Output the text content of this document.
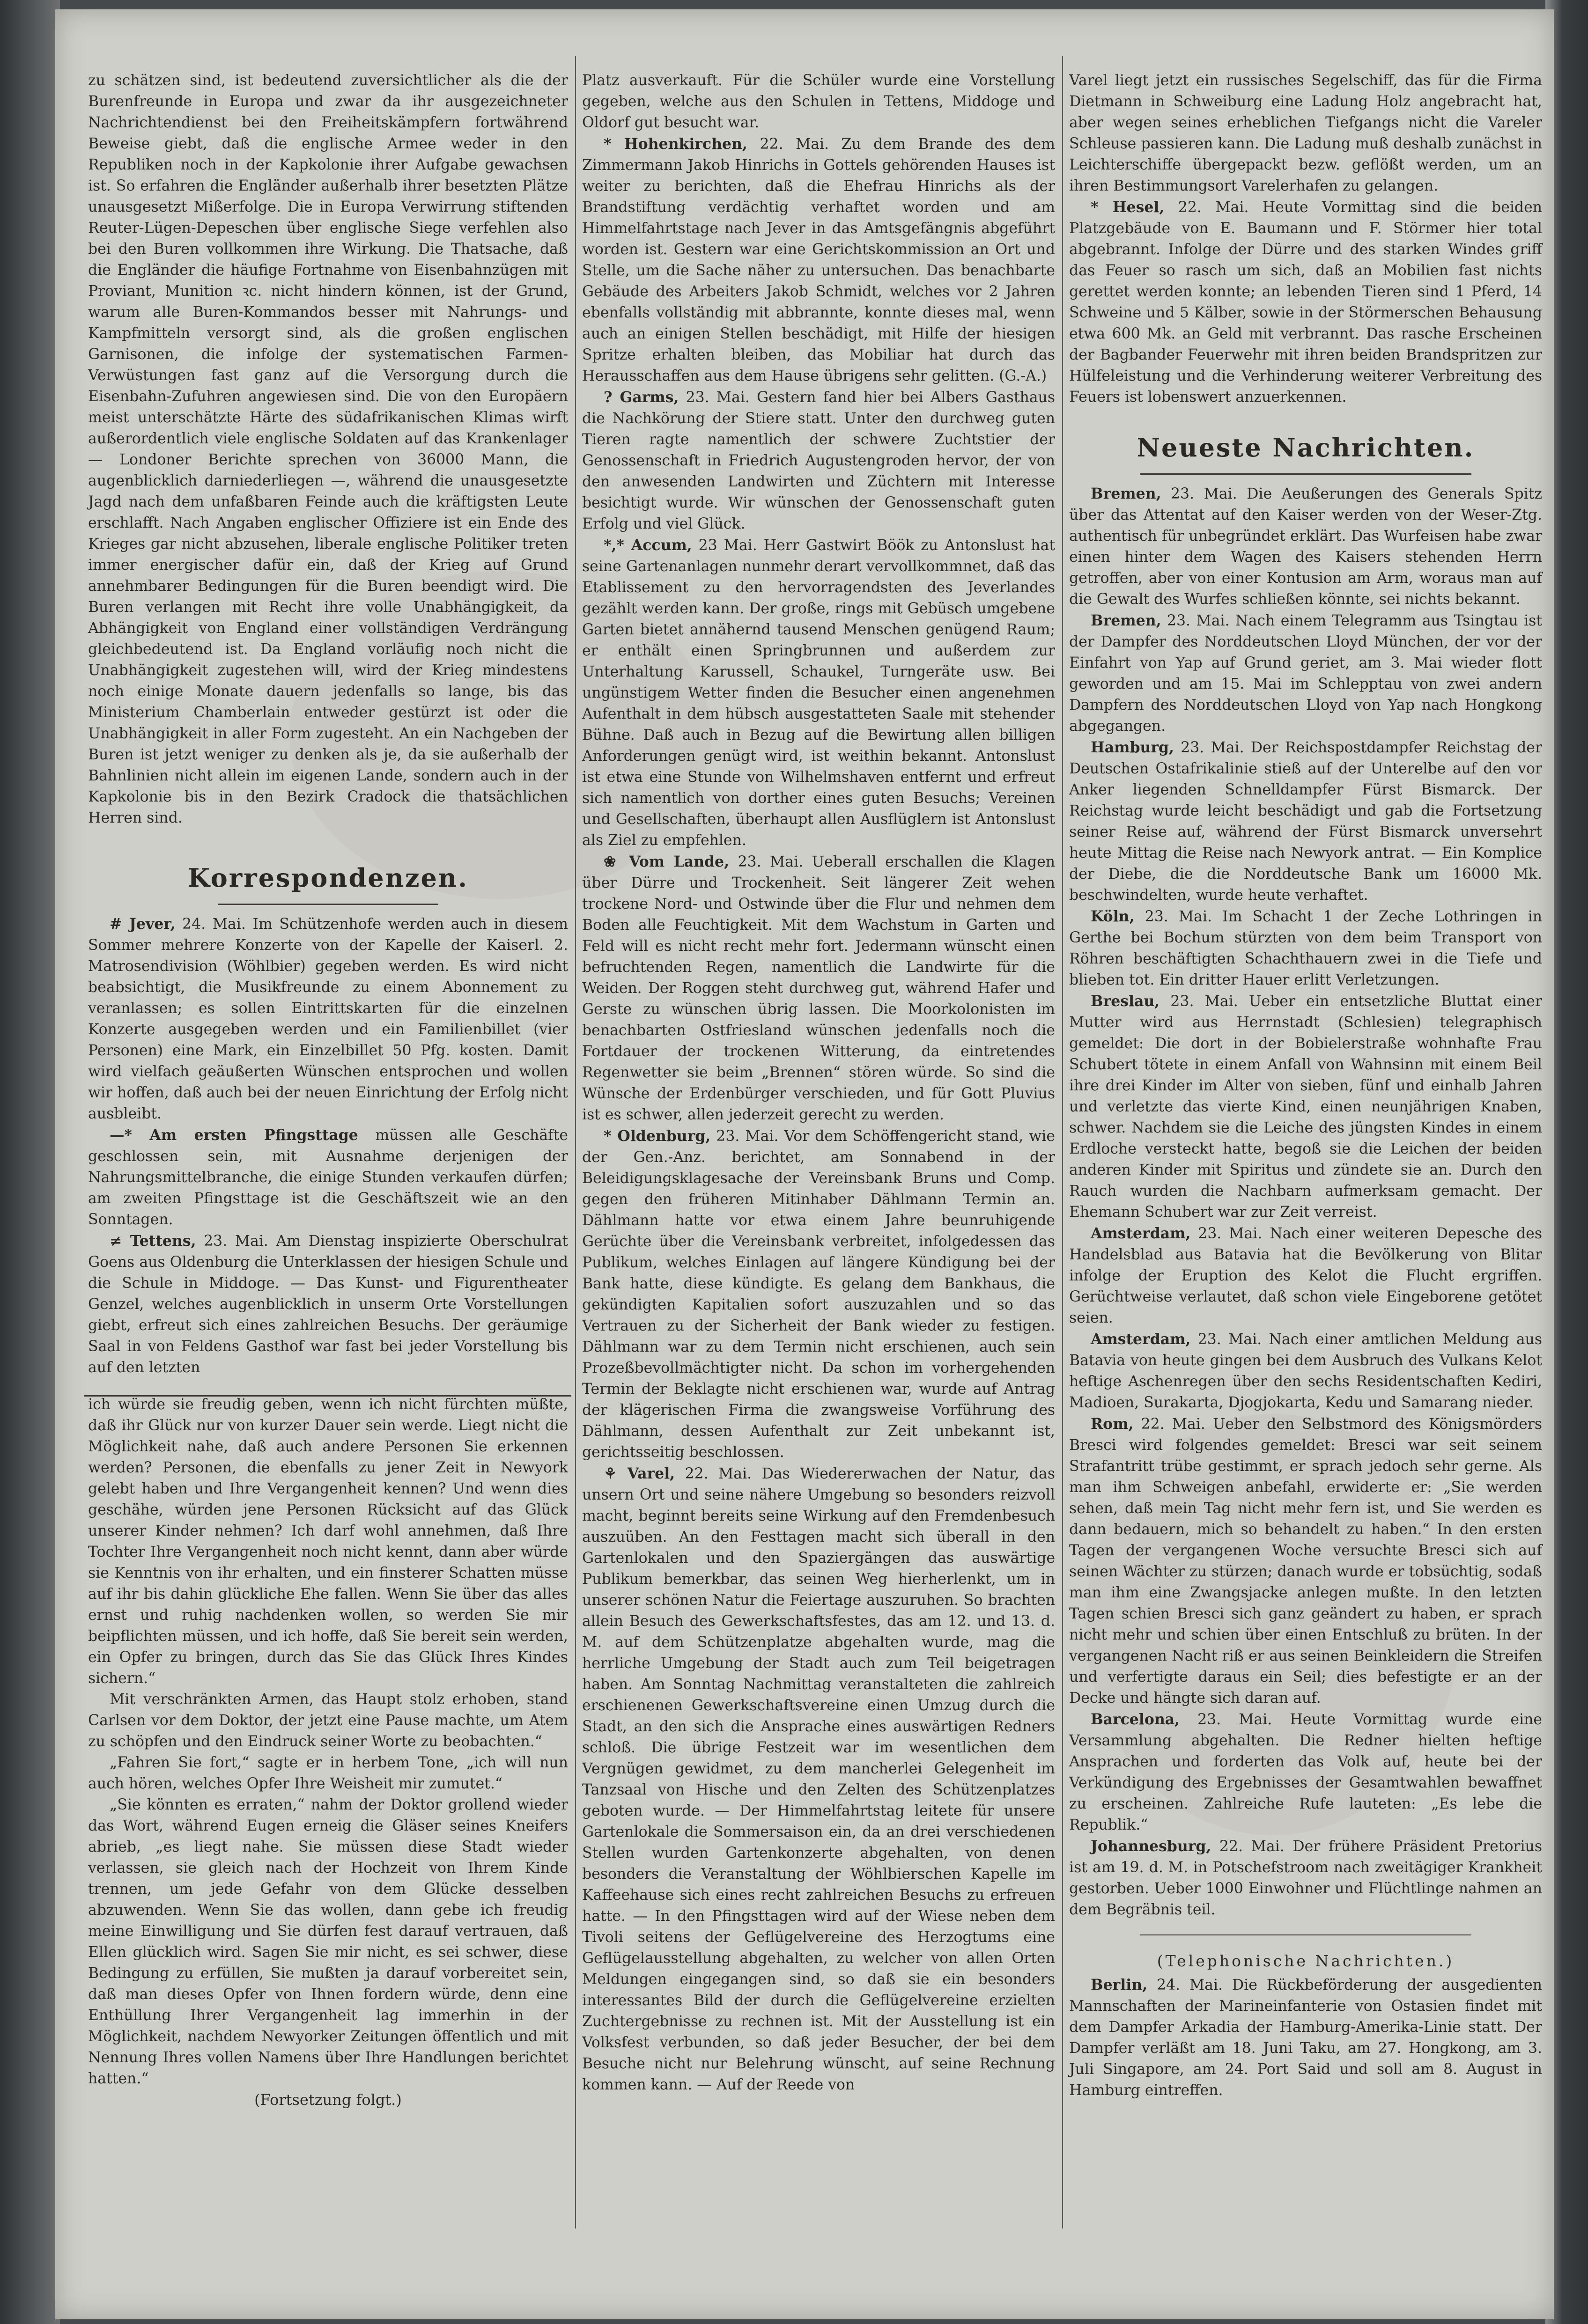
zu schätzen sind, ist bedeutend zuversichtlicher als die der Burenfreunde in Europa und zwar da ihr ausgezeichneter Nachrichtendienst bei den Freiheitskämpfern fortwährend Beweise giebt, daß die englische Armee weder in den Republiken noch in der Kapkolonie ihrer Aufgabe gewachsen ist. So erfahren die Engländer außerhalb ihrer besetzten Plätze unausgesetzt Mißerfolge. Die in Europa Verwirrung stiftenden Reuter-Lügen-Depeschen über englische Siege verfehlen also bei den Buren vollkommen ihre Wirkung. Die Thatsache, daß die Engländer die häufige Fortnahme von Eisenbahnzügen mit Proviant, Munition ꝛc. nicht hindern können, ist der Grund, warum alle Buren-Kommandos besser mit Nahrungs- und Kampfmitteln versorgt sind, als die großen englischen Garnisonen, die infolge der systematischen Farmen-Verwüstungen fast ganz auf die Versorgung durch die Eisenbahn-Zufuhren angewiesen sind. Die von den Europäern meist unterschätzte Härte des südafrikanischen Klimas wirft außerordentlich viele englische Soldaten auf das Krankenlager — Londoner Berichte sprechen von 36000 Mann, die augenblicklich darniederliegen —, während die unausgesetzte Jagd nach dem unfaßbaren Feinde auch die kräftigsten Leute erschlafft. Nach Angaben englischer Offiziere ist ein Ende des Krieges gar nicht abzusehen, liberale englische Politiker treten immer energischer dafür ein, daß der Krieg auf Grund annehmbarer Bedingungen für die Buren beendigt wird. Die Buren verlangen mit Recht ihre volle Unabhängigkeit, da Abhängigkeit von England einer vollständigen Verdrängung gleichbedeutend ist. Da England vorläufig noch nicht die Unabhängigkeit zugestehen will, wird der Krieg mindestens noch einige Monate dauern jedenfalls so lange, bis das Ministerium Chamberlain entweder gestürzt ist oder die Unabhängigkeit in aller Form zugesteht. An ein Nachgeben der Buren ist jetzt weniger zu denken als je, da sie außerhalb der Bahnlinien nicht allein im eigenen Lande, sondern auch in der Kapkolonie bis in den Bezirk Cradock die thatsächlichen Herren sind.

Korrespondenzen.

# Jever, 24. Mai. Im Schützenhofe werden auch in diesem Sommer mehrere Konzerte von der Kapelle der Kaiserl. 2. Matrosendivision (Wöhlbier) gegeben werden. Es wird nicht beabsichtigt, die Musikfreunde zu einem Abonnement zu veranlassen; es sollen Eintrittskarten für die einzelnen Konzerte ausgegeben werden und ein Familienbillet (vier Personen) eine Mark, ein Einzelbillet 50 Pfg. kosten. Damit wird vielfach geäußerten Wünschen entsprochen und wollen wir hoffen, daß auch bei der neuen Einrichtung der Erfolg nicht ausbleibt.

—* Am ersten Pfingsttage müssen alle Geschäfte geschlossen sein, mit Ausnahme derjenigen der Nahrungsmittelbranche, die einige Stunden verkaufen dürfen; am zweiten Pfingsttage ist die Geschäftszeit wie an den Sonntagen.

≠ Tettens, 23. Mai. Am Dienstag inspizierte Oberschulrat Goens aus Oldenburg die Unterklassen der hiesigen Schule und die Schule in Middoge. — Das Kunst- und Figurentheater Genzel, welches augenblicklich in unserm Orte Vorstellungen giebt, erfreut sich eines zahlreichen Besuchs. Der geräumige Saal in von Feldens Gasthof war fast bei jeder Vorstellung bis auf den letzten

ich würde sie freudig geben, wenn ich nicht fürchten müßte, daß ihr Glück nur von kurzer Dauer sein werde. Liegt nicht die Möglichkeit nahe, daß auch andere Personen Sie erkennen werden? Personen, die ebenfalls zu jener Zeit in Newyork gelebt haben und Ihre Vergangenheit kennen? Und wenn dies geschähe, würden jene Personen Rücksicht auf das Glück unserer Kinder nehmen? Ich darf wohl annehmen, daß Ihre Tochter Ihre Vergangenheit noch nicht kennt, dann aber würde sie Kenntnis von ihr erhalten, und ein finsterer Schatten müsse auf ihr bis dahin glückliche Ehe fallen. Wenn Sie über das alles ernst und ruhig nachdenken wollen, so werden Sie mir beipflichten müssen, und ich hoffe, daß Sie bereit sein werden, ein Opfer zu bringen, durch das Sie das Glück Ihres Kindes sichern.“

Mit verschränkten Armen, das Haupt stolz erhoben, stand Carlsen vor dem Doktor, der jetzt eine Pause machte, um Atem zu schöpfen und den Eindruck seiner Worte zu beobachten.“

„Fahren Sie fort,“ sagte er in herbem Tone, „ich will nun auch hören, welches Opfer Ihre Weisheit mir zumutet.“

„Sie könnten es erraten,“ nahm der Doktor grollend wieder das Wort, während Eugen erneig die Gläser seines Kneifers abrieb, „es liegt nahe. Sie müssen diese Stadt wieder verlassen, sie gleich nach der Hochzeit von Ihrem Kinde trennen, um jede Gefahr von dem Glücke desselben abzuwenden. Wenn Sie das wollen, dann gebe ich freudig meine Einwilligung und Sie dürfen fest darauf vertrauen, daß Ellen glücklich wird. Sagen Sie mir nicht, es sei schwer, diese Bedingung zu erfüllen, Sie mußten ja darauf vorbereitet sein, daß man dieses Opfer von Ihnen fordern würde, denn eine Enthüllung Ihrer Vergangenheit lag immerhin in der Möglichkeit, nachdem Newyorker Zeitungen öffentlich und mit Nennung Ihres vollen Namens über Ihre Handlungen berichtet hatten.“

(Fortsetzung folgt.)

Platz ausverkauft. Für die Schüler wurde eine Vorstellung gegeben, welche aus den Schulen in Tettens, Middoge und Oldorf gut besucht war.

* Hohenkirchen, 22. Mai. Zu dem Brande des dem Zimmermann Jakob Hinrichs in Gottels gehörenden Hauses ist weiter zu berichten, daß die Ehefrau Hinrichs als der Brandstiftung verdächtig verhaftet worden und am Himmelfahrtstage nach Jever in das Amtsgefängnis abgeführt worden ist. Gestern war eine Gerichtskommission an Ort und Stelle, um die Sache näher zu untersuchen. Das benachbarte Gebäude des Arbeiters Jakob Schmidt, welches vor 2 Jahren ebenfalls vollständig mit abbrannte, konnte dieses mal, wenn auch an einigen Stellen beschädigt, mit Hilfe der hiesigen Spritze erhalten bleiben, das Mobiliar hat durch das Herausschaffen aus dem Hause übrigens sehr gelitten. (G.-A.)

? Garms, 23. Mai. Gestern fand hier bei Albers Gasthaus die Nachkörung der Stiere statt. Unter den durchweg guten Tieren ragte namentlich der schwere Zuchtstier der Genossenschaft in Friedrich Augustengroden hervor, der von den anwesenden Landwirten und Züchtern mit Interesse besichtigt wurde. Wir wünschen der Genossenschaft guten Erfolg und viel Glück.

*,* Accum, 23 Mai. Herr Gastwirt Böök zu Antonslust hat seine Gartenanlagen nunmehr derart vervollkommnet, daß das Etablissement zu den hervorragendsten des Jeverlandes gezählt werden kann. Der große, rings mit Gebüsch umgebene Garten bietet annähernd tausend Menschen genügend Raum; er enthält einen Springbrunnen und außerdem zur Unterhaltung Karussell, Schaukel, Turngeräte usw. Bei ungünstigem Wetter finden die Besucher einen angenehmen Aufenthalt in dem hübsch ausgestatteten Saale mit stehender Bühne. Daß auch in Bezug auf die Bewirtung allen billigen Anforderungen genügt wird, ist weithin bekannt. Antonslust ist etwa eine Stunde von Wilhelmshaven entfernt und erfreut sich namentlich von dorther eines guten Besuchs; Vereinen und Gesellschaften, überhaupt allen Ausflüglern ist Antonslust als Ziel zu empfehlen.

❀ Vom Lande, 23. Mai. Ueberall erschallen die Klagen über Dürre und Trockenheit. Seit längerer Zeit wehen trockene Nord- und Ostwinde über die Flur und nehmen dem Boden alle Feuchtigkeit. Mit dem Wachstum in Garten und Feld will es nicht recht mehr fort. Jedermann wünscht einen befruchtenden Regen, namentlich die Landwirte für die Weiden. Der Roggen steht durchweg gut, während Hafer und Gerste zu wünschen übrig lassen. Die Moorkolonisten im benachbarten Ostfriesland wünschen jedenfalls noch die Fortdauer der trockenen Witterung, da eintretendes Regenwetter sie beim „Brennen“ stören würde. So sind die Wünsche der Erdenbürger verschieden, und für Gott Pluvius ist es schwer, allen jederzeit gerecht zu werden.

* Oldenburg, 23. Mai. Vor dem Schöffengericht stand, wie der Gen.-Anz. berichtet, am Sonnabend in der Beleidigungsklagesache der Vereinsbank Bruns und Comp. gegen den früheren Mitinhaber Dählmann Termin an. Dählmann hatte vor etwa einem Jahre beunruhigende Gerüchte über die Vereinsbank verbreitet, infolgedessen das Publikum, welches Einlagen auf längere Kündigung bei der Bank hatte, diese kündigte. Es gelang dem Bankhaus, die gekündigten Kapitalien sofort auszuzahlen und so das Vertrauen zu der Sicherheit der Bank wieder zu festigen. Dählmann war zu dem Termin nicht erschienen, auch sein Prozeßbevollmächtigter nicht. Da schon im vorhergehenden Termin der Beklagte nicht erschienen war, wurde auf Antrag der klägerischen Firma die zwangsweise Vorführung des Dählmann, dessen Aufenthalt zur Zeit unbekannt ist, gerichtsseitig beschlossen.

⚘ Varel, 22. Mai. Das Wiedererwachen der Natur, das unsern Ort und seine nähere Umgebung so besonders reizvoll macht, beginnt bereits seine Wirkung auf den Fremdenbesuch auszuüben. An den Festtagen macht sich überall in den Gartenlokalen und den Spaziergängen das auswärtige Publikum bemerkbar, das seinen Weg hierherlenkt, um in unserer schönen Natur die Feiertage auszuruhen. So brachten allein Besuch des Gewerkschaftsfestes, das am 12. und 13. d. M. auf dem Schützenplatze abgehalten wurde, mag die herrliche Umgebung der Stadt auch zum Teil beigetragen haben. Am Sonntag Nachmittag veranstalteten die zahlreich erschienenen Gewerkschaftsvereine einen Umzug durch die Stadt, an den sich die Ansprache eines auswärtigen Redners schloß. Die übrige Festzeit war im wesentlichen dem Vergnügen gewidmet, zu dem mancherlei Gelegenheit im Tanzsaal von Hische und den Zelten des Schützenplatzes geboten wurde. — Der Himmelfahrtstag leitete für unsere Gartenlokale die Sommersaison ein, da an drei verschiedenen Stellen wurden Gartenkonzerte abgehalten, von denen besonders die Veranstaltung der Wöhlbierschen Kapelle im Kaffeehause sich eines recht zahlreichen Besuchs zu erfreuen hatte. — In den Pfingsttagen wird auf der Wiese neben dem Tivoli seitens der Geflügelvereine des Herzogtums eine Geflügelausstellung abgehalten, zu welcher von allen Orten Meldungen eingegangen sind, so daß sie ein besonders interessantes Bild der durch die Geflügelvereine erzielten Zuchtergebnisse zu rechnen ist. Mit der Ausstellung ist ein Volksfest verbunden, so daß jeder Besucher, der bei dem Besuche nicht nur Belehrung wünscht, auf seine Rechnung kommen kann. — Auf der Reede von

Varel liegt jetzt ein russisches Segelschiff, das für die Firma Dietmann in Schweiburg eine Ladung Holz angebracht hat, aber wegen seines erheblichen Tiefgangs nicht die Vareler Schleuse passieren kann. Die Ladung muß deshalb zunächst in Leichterschiffe übergepackt bezw. geflößt werden, um an ihren Bestimmungsort Varelerhafen zu gelangen.

* Hesel, 22. Mai. Heute Vormittag sind die beiden Platzgebäude von E. Baumann und F. Störmer hier total abgebrannt. Infolge der Dürre und des starken Windes griff das Feuer so rasch um sich, daß an Mobilien fast nichts gerettet werden konnte; an lebenden Tieren sind 1 Pferd, 14 Schweine und 5 Kälber, sowie in der Störmerschen Behausung etwa 600 Mk. an Geld mit verbrannt. Das rasche Erscheinen der Bagbander Feuerwehr mit ihren beiden Brandspritzen zur Hülfeleistung und die Verhinderung weiterer Verbreitung des Feuers ist lobenswert anzuerkennen.

Neueste Nachrichten.

Bremen, 23. Mai. Die Aeußerungen des Generals Spitz über das Attentat auf den Kaiser werden von der Weser-Ztg. authentisch für unbegründet erklärt. Das Wurfeisen habe zwar einen hinter dem Wagen des Kaisers stehenden Herrn getroffen, aber von einer Kontusion am Arm, woraus man auf die Gewalt des Wurfes schließen könnte, sei nichts bekannt.

Bremen, 23. Mai. Nach einem Telegramm aus Tsingtau ist der Dampfer des Norddeutschen Lloyd München, der vor der Einfahrt von Yap auf Grund geriet, am 3. Mai wieder flott geworden und am 15. Mai im Schlepptau von zwei andern Dampfern des Norddeutschen Lloyd von Yap nach Hongkong abgegangen.

Hamburg, 23. Mai. Der Reichspostdampfer Reichstag der Deutschen Ostafrikalinie stieß auf der Unterelbe auf den vor Anker liegenden Schnelldampfer Fürst Bismarck. Der Reichstag wurde leicht beschädigt und gab die Fortsetzung seiner Reise auf, während der Fürst Bismarck unversehrt heute Mittag die Reise nach Newyork antrat. — Ein Komplice der Diebe, die die Norddeutsche Bank um 16000 Mk. beschwindelten, wurde heute verhaftet.

Köln, 23. Mai. Im Schacht 1 der Zeche Lothringen in Gerthe bei Bochum stürzten von dem beim Transport von Röhren beschäftigten Schachthauern zwei in die Tiefe und blieben tot. Ein dritter Hauer erlitt Verletzungen.

Breslau, 23. Mai. Ueber ein entsetzliche Bluttat einer Mutter wird aus Herrnstadt (Schlesien) telegraphisch gemeldet: Die dort in der Bobielerstraße wohnhafte Frau Schubert tötete in einem Anfall von Wahnsinn mit einem Beil ihre drei Kinder im Alter von sieben, fünf und einhalb Jahren und verletzte das vierte Kind, einen neunjährigen Knaben, schwer. Nachdem sie die Leiche des jüngsten Kindes in einem Erdloche versteckt hatte, begoß sie die Leichen der beiden anderen Kinder mit Spiritus und zündete sie an. Durch den Rauch wurden die Nachbarn aufmerksam gemacht. Der Ehemann Schubert war zur Zeit verreist.

Amsterdam, 23. Mai. Nach einer weiteren Depesche des Handelsblad aus Batavia hat die Bevölkerung von Blitar infolge der Eruption des Kelot die Flucht ergriffen. Gerüchtweise verlautet, daß schon viele Eingeborene getötet seien.

Amsterdam, 23. Mai. Nach einer amtlichen Meldung aus Batavia von heute gingen bei dem Ausbruch des Vulkans Kelot heftige Aschenregen über den sechs Residentschaften Kediri, Madioen, Surakarta, Djogjokarta, Kedu und Samarang nieder.

Rom, 22. Mai. Ueber den Selbstmord des Königsmörders Bresci wird folgendes gemeldet: Bresci war seit seinem Strafantritt trübe gestimmt, er sprach jedoch sehr gerne. Als man ihm Schweigen anbefahl, erwiderte er: „Sie werden sehen, daß mein Tag nicht mehr fern ist, und Sie werden es dann bedauern, mich so behandelt zu haben.“ In den ersten Tagen der vergangenen Woche versuchte Bresci sich auf seinen Wächter zu stürzen; danach wurde er tobsüchtig, sodaß man ihm eine Zwangsjacke anlegen mußte. In den letzten Tagen schien Bresci sich ganz geändert zu haben, er sprach nicht mehr und schien über einen Entschluß zu brüten. In der vergangenen Nacht riß er aus seinen Beinkleidern die Streifen und verfertigte daraus ein Seil; dies befestigte er an der Decke und hängte sich daran auf.

Barcelona, 23. Mai. Heute Vormittag wurde eine Versammlung abgehalten. Die Redner hielten heftige Ansprachen und forderten das Volk auf, heute bei der Verkündigung des Ergebnisses der Gesamtwahlen bewaffnet zu erscheinen. Zahlreiche Rufe lauteten: „Es lebe die Republik.“

Johannesburg, 22. Mai. Der frühere Präsident Pretorius ist am 19. d. M. in Potschefstroom nach zweitägiger Krankheit gestorben. Ueber 1000 Einwohner und Flüchtlinge nahmen an dem Begräbnis teil.

(Telephonische Nachrichten.)

Berlin, 24. Mai. Die Rückbeförderung der ausgedienten Mannschaften der Marineinfanterie von Ostasien findet mit dem Dampfer Arkadia der Hamburg-Amerika-Linie statt. Der Dampfer verläßt am 18. Juni Taku, am 27. Hongkong, am 3. Juli Singapore, am 24. Port Said und soll am 8. August in Hamburg eintreffen.
